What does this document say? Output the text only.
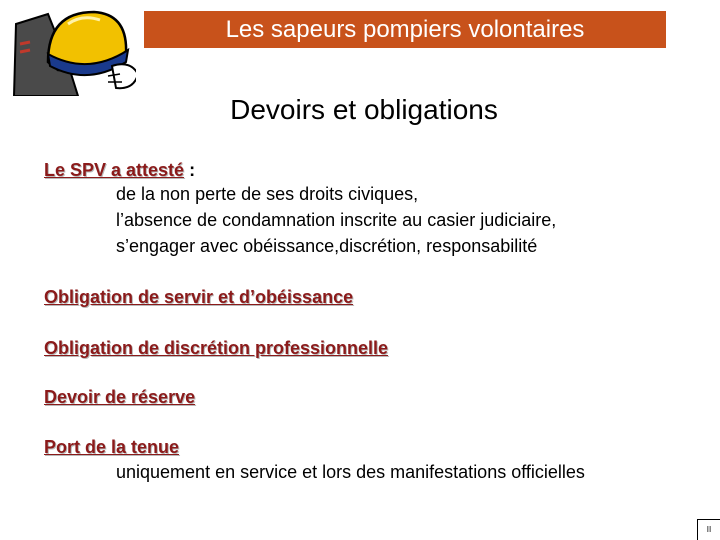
Les sapeurs pompiers volontaires
Devoirs et obligations
Le SPV a attesté :
de la non perte de ses droits civiques,
l’absence de condamnation inscrite au casier judiciaire,
s’engager avec obéissance,discrétion, responsabilité
Obligation de servir et d’obéissance
Obligation de discrétion professionnelle
Devoir de réserve
Port de la tenue
uniquement en service et lors des manifestations officielles
II
